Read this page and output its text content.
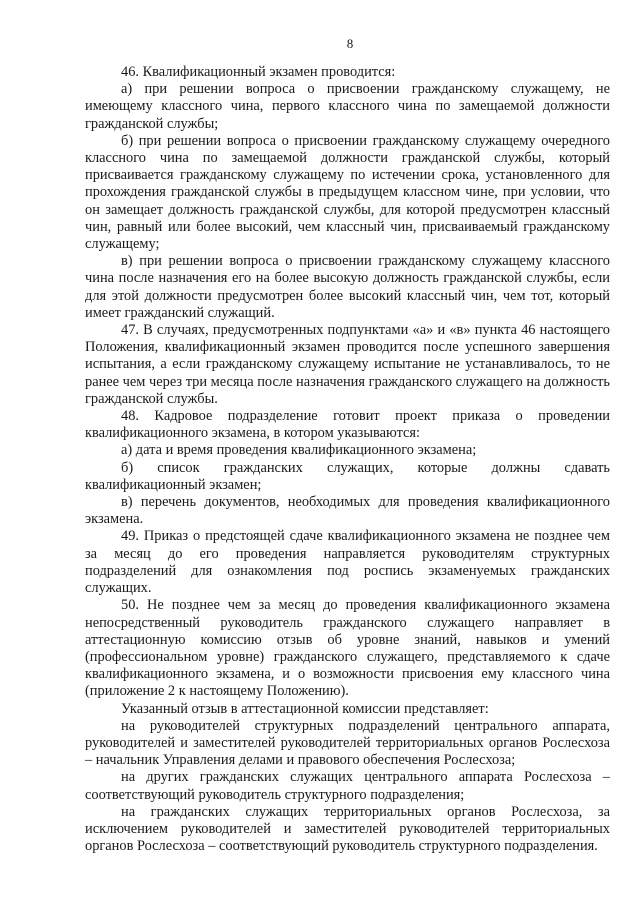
8

46. Квалификационный экзамен проводится:

а) при решении вопроса о присвоении гражданскому служащему, не имеющему классного чина, первого классного чина по замещаемой должности гражданской службы;

б) при решении вопроса о присвоении гражданскому служащему очередного классного чина по замещаемой должности гражданской службы, который присваивается гражданскому служащему по истечении срока, установленного для прохождения гражданской службы в предыдущем классном чине, при условии, что он замещает должность гражданской службы, для которой предусмотрен классный чин, равный или более высокий, чем классный чин, присваиваемый гражданскому служащему;

в) при решении вопроса о присвоении гражданскому служащему классного чина после назначения его на более высокую должность гражданской службы, если для этой должности предусмотрен более высокий классный чин, чем тот, который имеет гражданский служащий.

47. В случаях, предусмотренных подпунктами «а» и «в» пункта 46 настоящего Положения, квалификационный экзамен проводится после успешного завершения испытания, а если гражданскому служащему испытание не устанавливалось, то не ранее чем через три месяца после назначения гражданского служащего на должность гражданской службы.

48. Кадровое подразделение готовит проект приказа о проведении квалификационного экзамена, в котором указываются:

а) дата и время проведения квалификационного экзамена;

б) список гражданских служащих, которые должны сдавать квалификационный экзамен;

в) перечень документов, необходимых для проведения квалификационного экзамена.

49. Приказ о предстоящей сдаче квалификационного экзамена не позднее чем за месяц до его проведения направляется руководителям структурных подразделений для ознакомления под роспись экзаменуемых гражданских служащих.

50. Не позднее чем за месяц до проведения квалификационного экзамена непосредственный руководитель гражданского служащего направляет в аттестационную комиссию отзыв об уровне знаний, навыков и умений (профессиональном уровне) гражданского служащего, представляемого к сдаче квалификационного экзамена, и о возможности присвоения ему классного чина (приложение 2 к настоящему Положению).

Указанный отзыв в аттестационной комиссии представляет:

на руководителей структурных подразделений центрального аппарата, руководителей и заместителей руководителей территориальных органов Рослесхоза – начальник Управления делами и правового обеспечения Рослесхоза;

на других гражданских служащих центрального аппарата Рослесхоза – соответствующий руководитель структурного подразделения;

на гражданских служащих территориальных органов Рослесхоза, за исключением руководителей и заместителей руководителей территориальных органов Рослесхоза – соответствующий руководитель структурного подразделения.
